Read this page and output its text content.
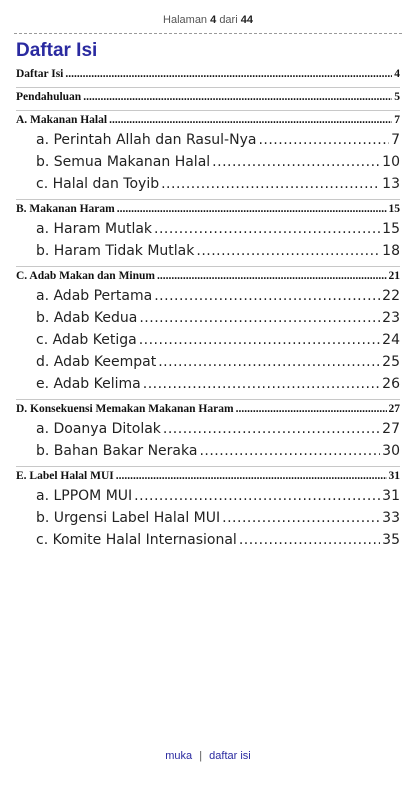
Halaman 4 dari 44
Daftar Isi
Daftar Isi .....	4
Pendahuluan .....	5
A. Makanan Halal .....	7
a. Perintah Allah dan Rasul-Nya .....	7
b. Semua Makanan Halal .....	10
c. Halal dan Toyib .....	13
B. Makanan Haram .....	15
a. Haram Mutlak .....	15
b. Haram Tidak Mutlak .....	18
C. Adab Makan dan Minum .....	21
a. Adab Pertama .....	22
b. Adab Kedua .....	23
c. Adab Ketiga .....	24
d. Adab Keempat .....	25
e. Adab Kelima .....	26
D. Konsekuensi Memakan Makanan Haram .....	27
a. Doanya Ditolak .....	27
b. Bahan Bakar Neraka .....	30
E. Label Halal MUI .....	31
a. LPPOM MUI .....	31
b. Urgensi Label Halal MUI .....	33
c. Komite Halal Internasional .....	35
muka | daftar isi
